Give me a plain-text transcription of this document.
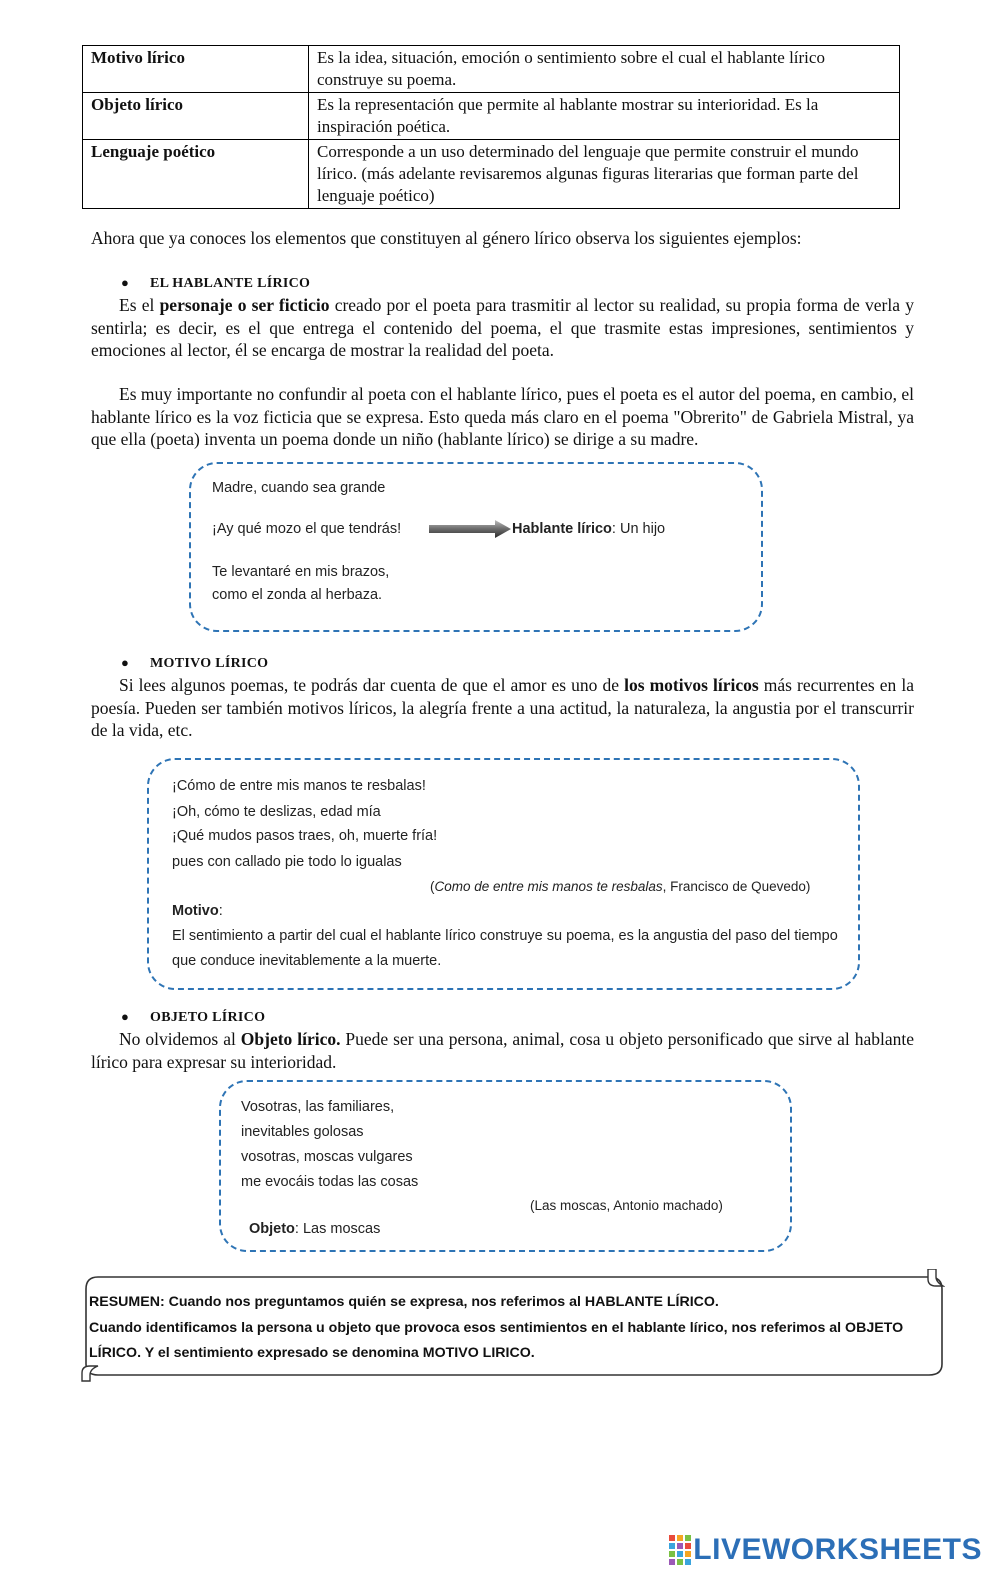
Motivo lírico	Es la idea, situación, emoción o sentimiento sobre el cual el hablante lírico construye su poema.
Objeto lírico	Es la representación que permite al hablante mostrar su interioridad. Es la inspiración poética.
Lenguaje poético	Corresponde a un uso determinado del lenguaje que permite construir el mundo lírico. (más adelante revisaremos algunas figuras literarias que forman parte del lenguaje poético)
Ahora que ya conoces los elementos que constituyen al género lírico observa los siguientes ejemplos:
● EL HABLANTE LÍRICO
Es el personaje o ser ficticio creado por el poeta para trasmitir al lector su realidad, su propia forma de verla y sentirla; es decir, es el que entrega el contenido del poema, el que trasmite estas impresiones, sentimientos y emociones al lector, él se encarga de mostrar la realidad del poeta.
Es muy importante no confundir al poeta con el hablante lírico, pues el poeta es el autor del poema, en cambio, el hablante lírico es la voz ficticia que se expresa. Esto queda más claro en el poema "Obrerito" de Gabriela Mistral, ya que ella (poeta) inventa un poema donde un niño (hablante lírico) se dirige a su madre.
Madre, cuando sea grande
¡Ay qué mozo el que tendrás!	Hablante lírico: Un hijo
Te levantaré en mis brazos,
como el zonda al herbaza.
● MOTIVO LÍRICO
Si lees algunos poemas, te podrás dar cuenta de que el amor es uno de los motivos líricos más recurrentes en la poesía. Pueden ser también motivos líricos, la alegría frente a una actitud, la naturaleza, la angustia por el transcurrir de la vida, etc.
¡Cómo de entre mis manos te resbalas!
¡Oh, cómo te deslizas, edad mía
¡Qué mudos pasos traes, oh, muerte fría!
pues con callado pie todo lo igualas
(Como de entre mis manos te resbalas, Francisco de Quevedo)
Motivo:
El sentimiento a partir del cual el hablante lírico construye su poema, es la angustia del paso del tiempo que conduce inevitablemente a la muerte.
● OBJETO LÍRICO
No olvidemos al Objeto lírico. Puede ser una persona, animal, cosa u objeto personificado que sirve al hablante lírico para expresar su interioridad.
Vosotras, las familiares,
inevitables golosas
vosotras, moscas vulgares
me evocáis todas las cosas
(Las moscas, Antonio machado)
Objeto: Las moscas
RESUMEN: Cuando nos preguntamos quién se expresa, nos referimos al HABLANTE LÍRICO.
Cuando identificamos la persona u objeto que provoca esos sentimientos en el hablante lírico, nos referimos al OBJETO LÍRICO. Y el sentimiento expresado se denomina MOTIVO LIRICO.
LIVEWORKSHEETS
